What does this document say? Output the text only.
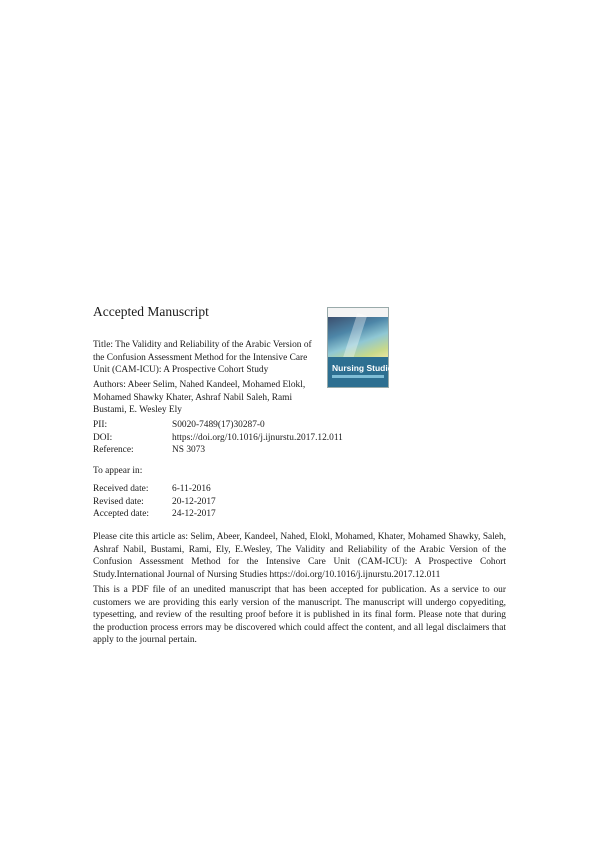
Accepted Manuscript
Nursing Studies

Title: The Validity and Reliability of the Arabic Version of the Confusion Assessment Method for the Intensive Care Unit (CAM-ICU): A Prospective Cohort Study

Authors: Abeer Selim, Nahed Kandeel, Mohamed Elokl, Mohamed Shawky Khater, Ashraf Nabil Saleh, Rami Bustami, E. Wesley Ely

PII:	S0020-7489(17)30287-0
DOI:	https://doi.org/10.1016/j.ijnurstu.2017.12.011
Reference:	NS 3073
To appear in:
Received date:	6-11-2016
Revised date:	20-12-2017
Accepted date: 24-12-2017

Please cite this article as: Selim, Abeer, Kandeel, Nahed, Elokl, Mohamed, Khater, Mohamed Shawky, Saleh, Ashraf Nabil, Bustami, Rami, Ely, E.Wesley, The Validity and Reliability of the Arabic Version of the Confusion Assessment Method for the Intensive Care Unit (CAM-ICU): A Prospective Cohort Study.International Journal of Nursing Studies https://doi.org/10.1016/j.ijnurstu.2017.12.011

This is a PDF file of an unedited manuscript that has been accepted for publication. As a service to our customers we are providing this early version of the manuscript. The manuscript will undergo copyediting, typesetting, and review of the resulting proof before it is published in its final form. Please note that during the production process errors may be discovered which could affect the content, and all legal disclaimers that apply to the journal pertain.
